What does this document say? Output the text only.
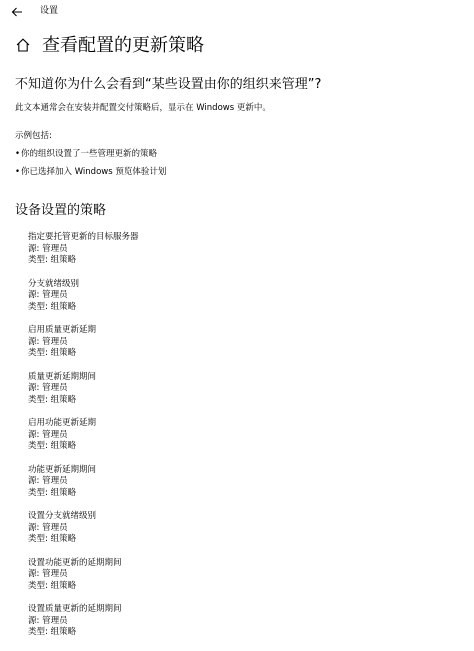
设置
查看配置的更新策略
不知道你为什么会看到“某些设置由你的组织来管理”?
此文本通常会在安装并配置交付策略后，显示在 Windows 更新中。
示例包括:
• 你的组织设置了一些管理更新的策略
• 你已选择加入 Windows 预览体验计划
设备设置的策略
指定要托管更新的目标服务器
源: 管理员
类型: 组策略
分支就绪级别
源: 管理员
类型: 组策略
启用质量更新延期
源: 管理员
类型: 组策略
质量更新延期期间
源: 管理员
类型: 组策略
启用功能更新延期
源: 管理员
类型: 组策略
功能更新延期期间
源: 管理员
类型: 组策略
设置分支就绪级别
源: 管理员
类型: 组策略
设置功能更新的延期期间
源: 管理员
类型: 组策略
设置质量更新的延期期间
源: 管理员
类型: 组策略
